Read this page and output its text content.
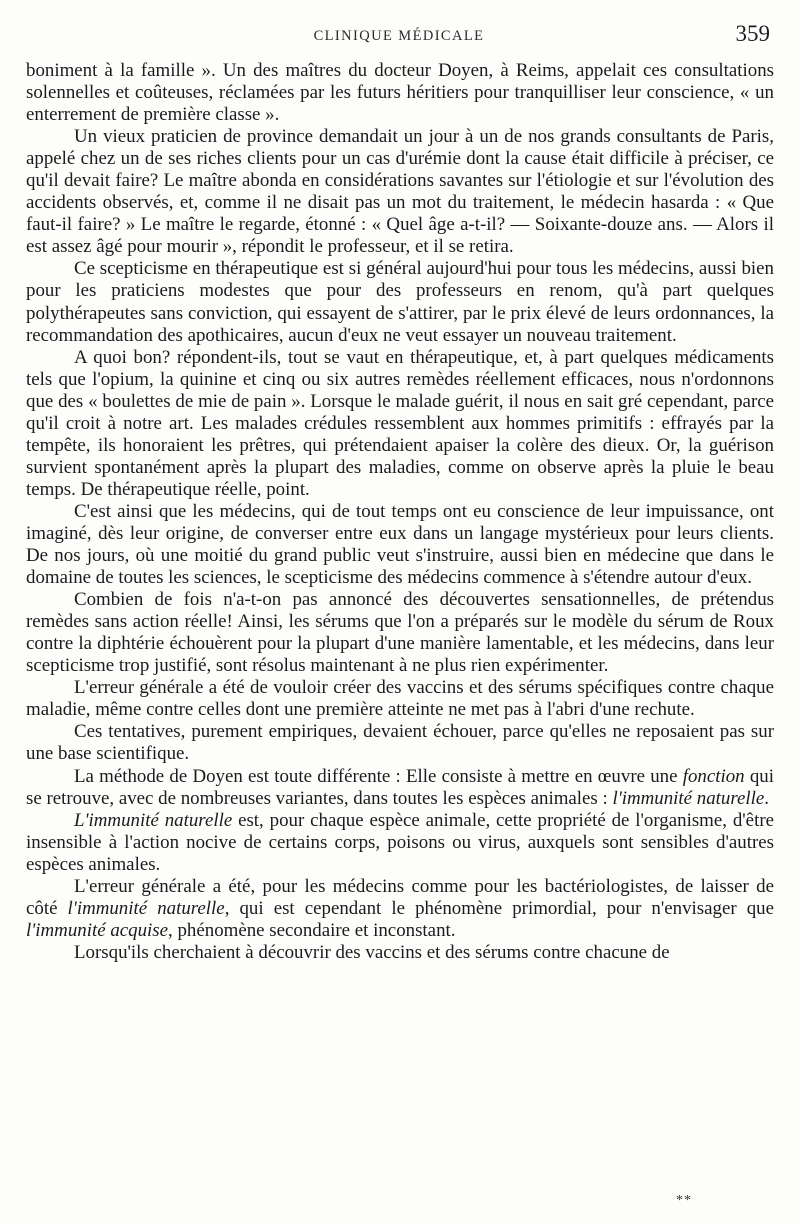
CLINIQUE MÉDICALE	359

boniment à la famille ». Un des maîtres du docteur Doyen, à Reims, appelait ces consultations solennelles et coûteuses, réclamées par les futurs héritiers pour tranquilliser leur conscience, « un enterrement de première classe ».

Un vieux praticien de province demandait un jour à un de nos grands consultants de Paris, appelé chez un de ses riches clients pour un cas d'urémie dont la cause était difficile à préciser, ce qu'il devait faire? Le maître abonda en considérations savantes sur l'étiologie et sur l'évolution des accidents observés, et, comme il ne disait pas un mot du traitement, le médecin hasarda : « Que faut-il faire? » Le maître le regarde, étonné : « Quel âge a-t-il? — Soixante-douze ans. — Alors il est assez âgé pour mourir », répondit le professeur, et il se retira.

Ce scepticisme en thérapeutique est si général aujourd'hui pour tous les médecins, aussi bien pour les praticiens modestes que pour des professeurs en renom, qu'à part quelques polythérapeutes sans conviction, qui essayent de s'attirer, par le prix élevé de leurs ordonnances, la recommandation des apothicaires, aucun d'eux ne veut essayer un nouveau traitement.

A quoi bon? répondent-ils, tout se vaut en thérapeutique, et, à part quelques médicaments tels que l'opium, la quinine et cinq ou six autres remèdes réellement efficaces, nous n'ordonnons que des « boulettes de mie de pain ». Lorsque le malade guérit, il nous en sait gré cependant, parce qu'il croit à notre art. Les malades crédules ressemblent aux hommes primitifs : effrayés par la tempête, ils honoraient les prêtres, qui prétendaient apaiser la colère des dieux. Or, la guérison survient spontanément après la plupart des maladies, comme on observe après la pluie le beau temps. De thérapeutique réelle, point.

C'est ainsi que les médecins, qui de tout temps ont eu conscience de leur impuissance, ont imaginé, dès leur origine, de converser entre eux dans un langage mystérieux pour leurs clients. De nos jours, où une moitié du grand public veut s'instruire, aussi bien en médecine que dans le domaine de toutes les sciences, le scepticisme des médecins commence à s'étendre autour d'eux.

Combien de fois n'a-t-on pas annoncé des découvertes sensationnelles, de prétendus remèdes sans action réelle! Ainsi, les sérums que l'on a préparés sur le modèle du sérum de Roux contre la diphtérie échouèrent pour la plupart d'une manière lamentable, et les médecins, dans leur scepticisme trop justifié, sont résolus maintenant à ne plus rien expérimenter.

L'erreur générale a été de vouloir créer des vaccins et des sérums spécifiques contre chaque maladie, même contre celles dont une première atteinte ne met pas à l'abri d'une rechute.

Ces tentatives, purement empiriques, devaient échouer, parce qu'elles ne reposaient pas sur une base scientifique.

La méthode de Doyen est toute différente : Elle consiste à mettre en œuvre une fonction qui se retrouve, avec de nombreuses variantes, dans toutes les espèces animales : l'immunité naturelle.

L'immunité naturelle est, pour chaque espèce animale, cette propriété de l'organisme, d'être insensible à l'action nocive de certains corps, poisons ou virus, auxquels sont sensibles d'autres espèces animales.

L'erreur générale a été, pour les médecins comme pour les bactériologistes, de laisser de côté l'immunité naturelle, qui est cependant le phénomène primordial, pour n'envisager que l'immunité acquise, phénomène secondaire et inconstant.

Lorsqu'ils cherchaient à découvrir des vaccins et des sérums contre chacune de

**
